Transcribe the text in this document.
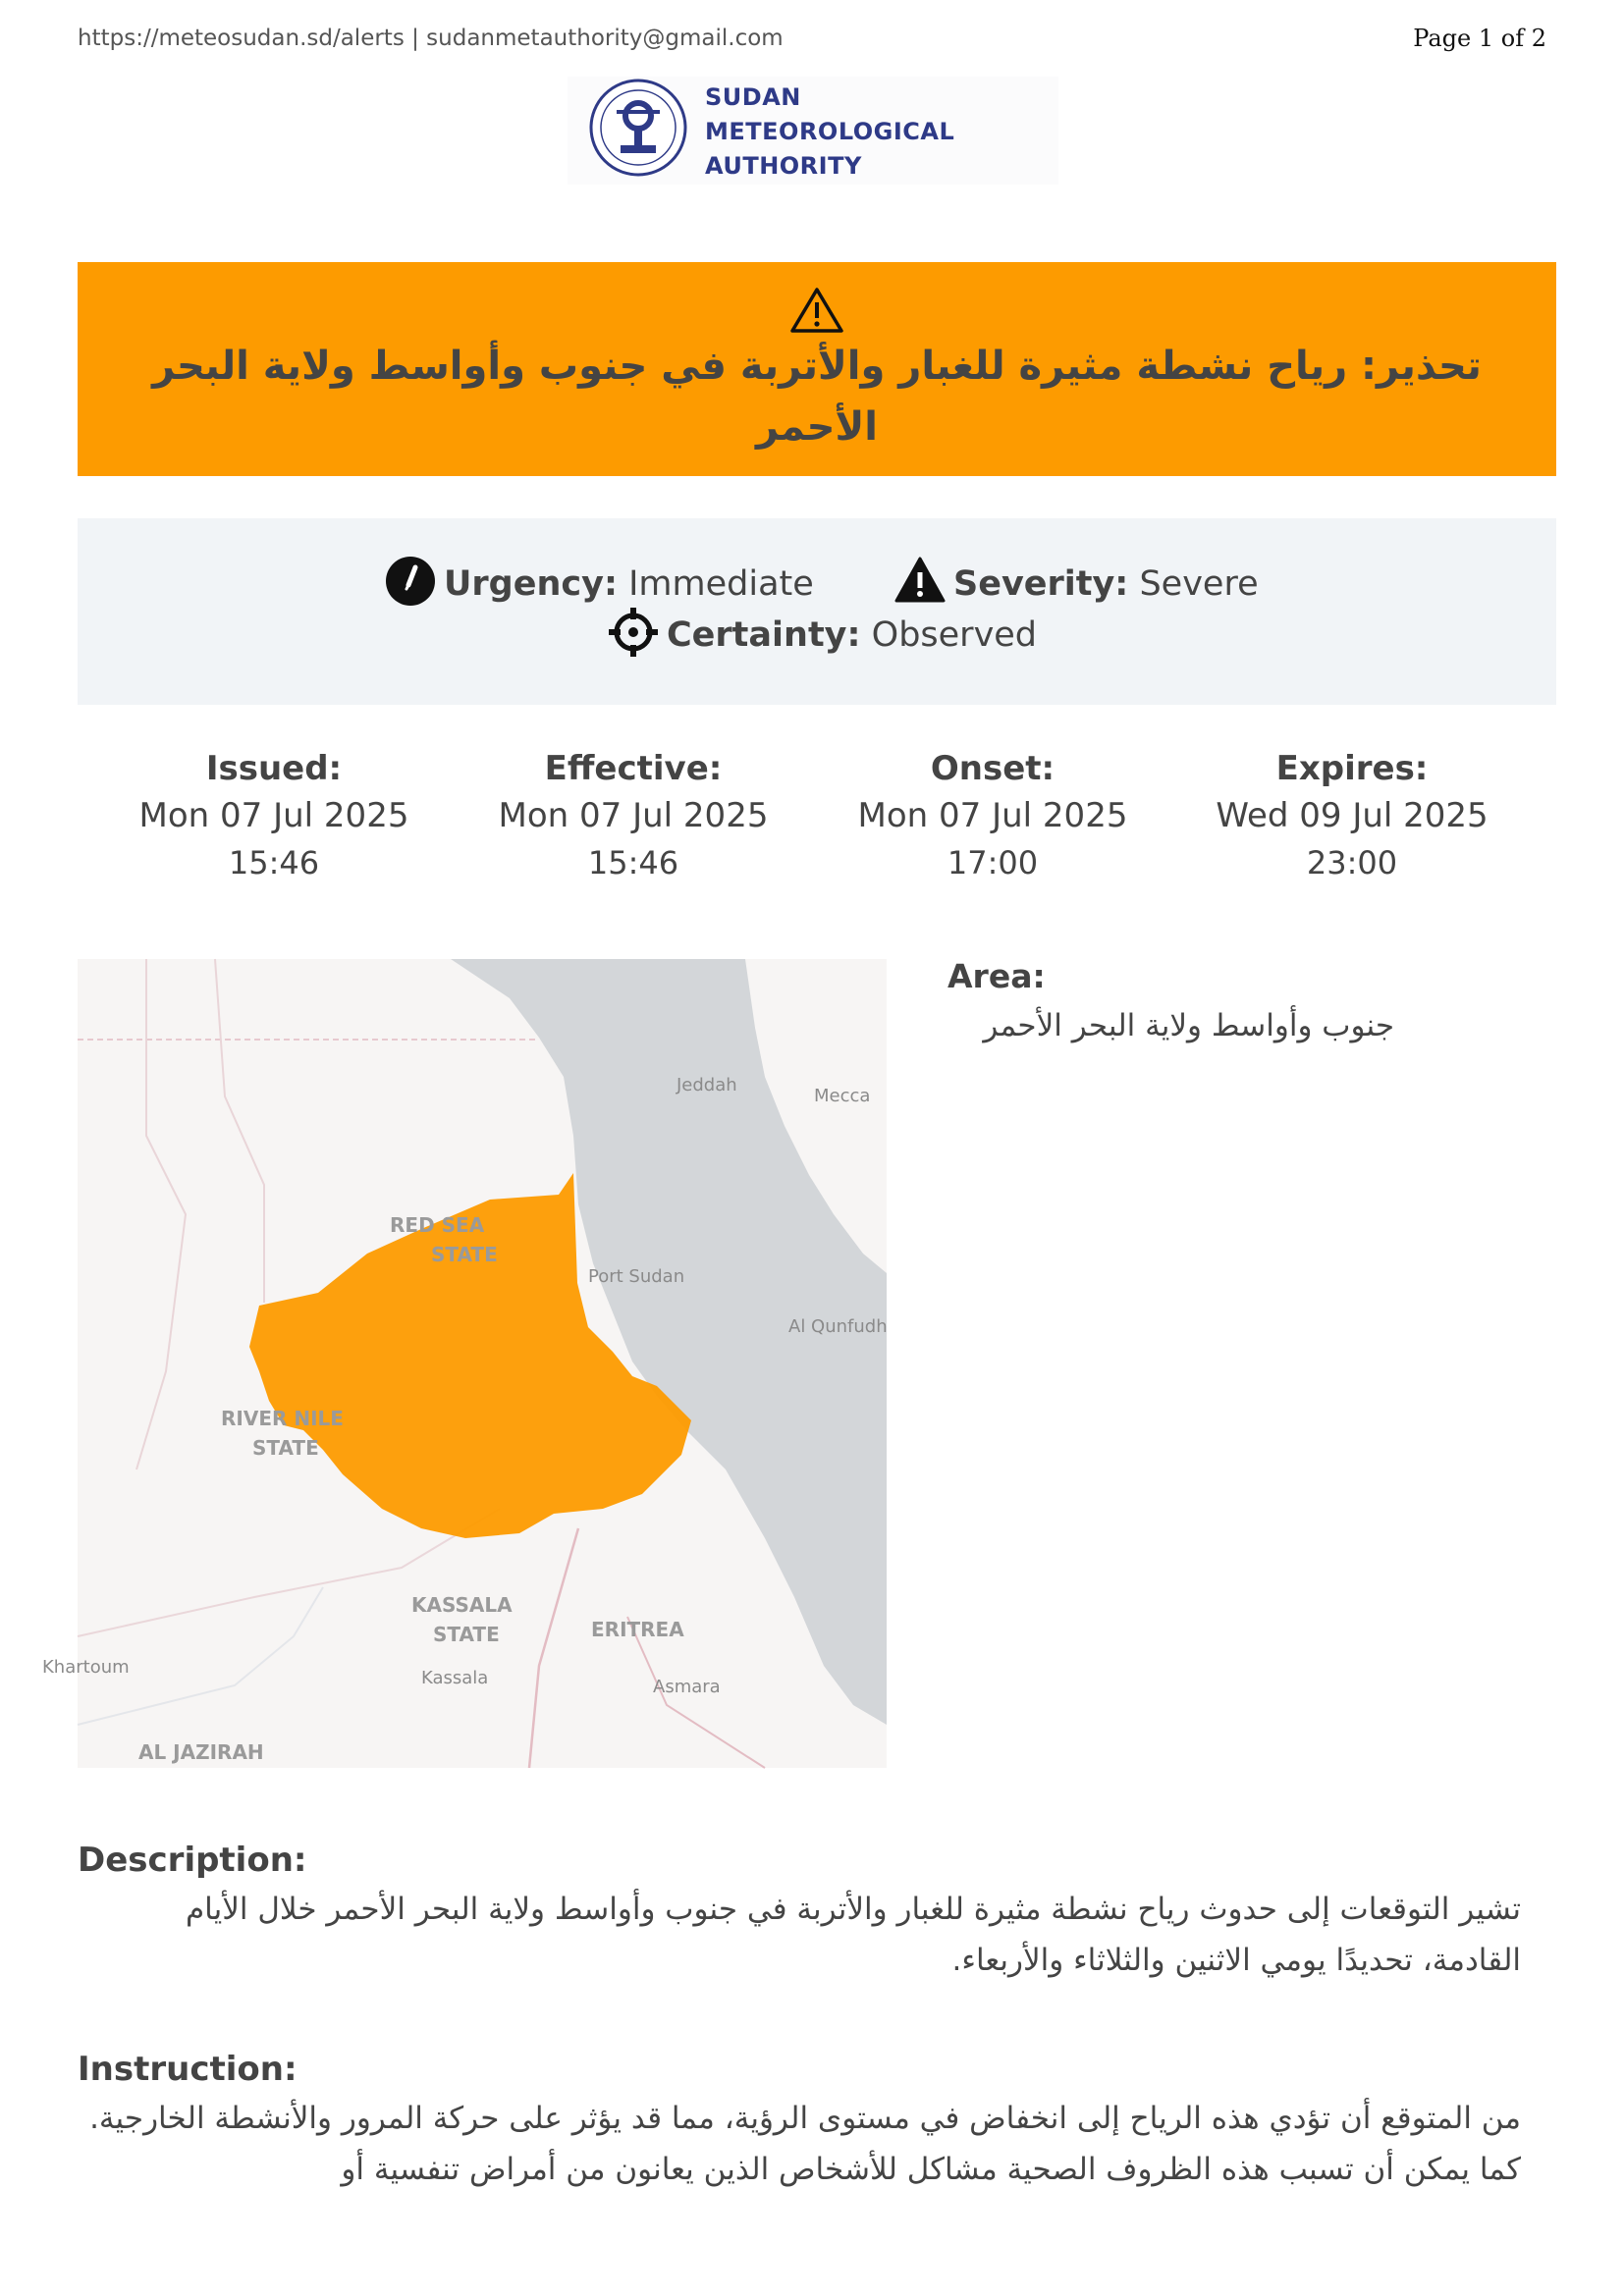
https://meteosudan.sd/alerts | sudanmetauthority@gmail.com	Page 1 of 2
SUDAN
METEOROLOGICAL
AUTHORITY
تحذير: رياح نشطة مثيرة للغبار والأتربة في جنوب وأواسط ولاية البحر الأحمر
Urgency: Immediate	Severity: Severe
Certainty: Observed
Issued:
Mon 07 Jul 2025
15:46
Effective:
Mon 07 Jul 2025
15:46
Onset:
Mon 07 Jul 2025
17:00
Expires:
Wed 09 Jul 2025
23:00
Jeddah
Mecca
RED SEA
STATE
Port Sudan
Al Qunfudh
RIVER NILE
STATE
KASSALA
STATE
Kassala
ERITREA
Asmara
Khartoum
AL JAZIRAH
Area:
جنوب وأواسط ولاية البحر الأحمر
Description:
تشير التوقعات إلى حدوث رياح نشطة مثيرة للغبار والأتربة في جنوب وأواسط ولاية البحر الأحمر خلال الأيام القادمة، تحديدًا يومي الاثنين والثلاثاء والأربعاء.
Instruction:
من المتوقع أن تؤدي هذه الرياح إلى انخفاض في مستوى الرؤية، مما قد يؤثر على حركة المرور والأنشطة الخارجية. كما يمكن أن تسبب هذه الظروف الصحية مشاكل للأشخاص الذين يعانون من أمراض تنفسية أو
